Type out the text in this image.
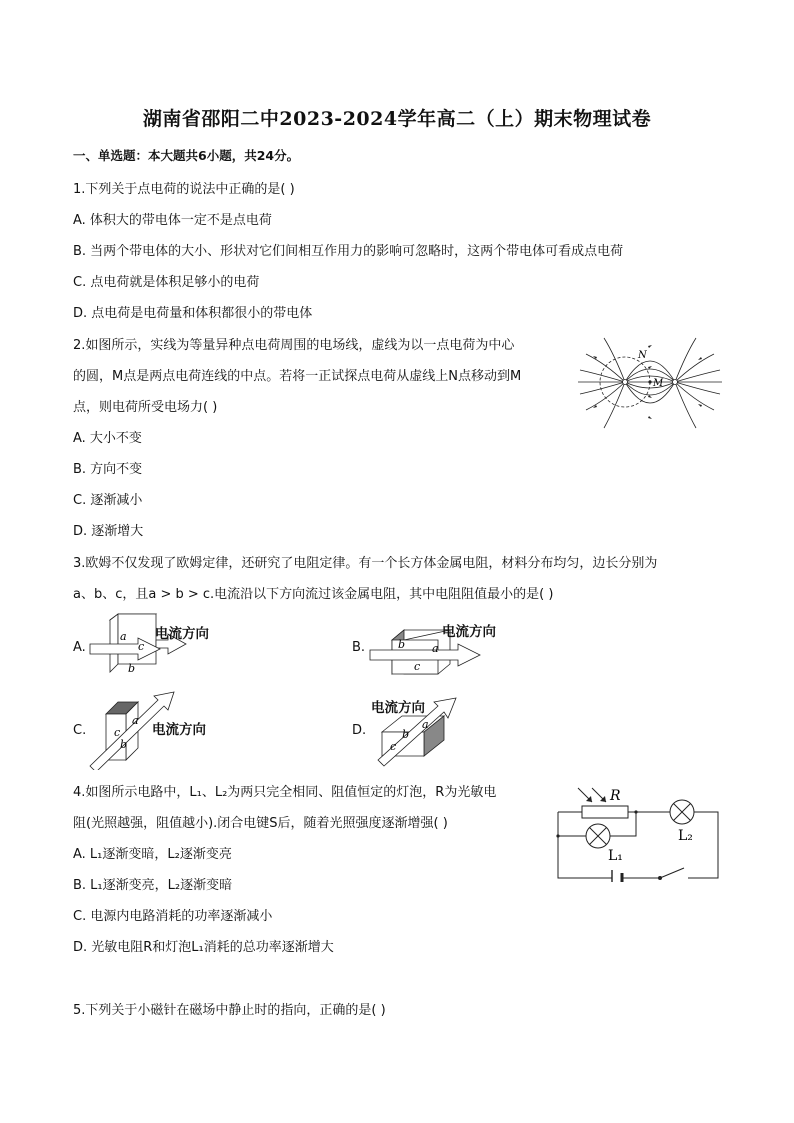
湖南省邵阳二中2023-2024学年高二（上）期末物理试卷
一、单选题：本大题共6小题，共24分。
1.下列关于点电荷的说法中正确的是( )
A. 体积大的带电体一定不是点电荷
B. 当两个带电体的大小、形状对它们间相互作用力的影响可忽略时，这两个带电体可看成点电荷
C. 点电荷就是体积足够小的电荷
D. 点电荷是电荷量和体积都很小的带电体
2.如图所示，实线为等量异种点电荷周围的电场线，虚线为以一点电荷为中心
的圆，M点是两点电荷连线的中点。若将一正试探点电荷从虚线上N点移动到M
点，则电荷所受电场力( )
A. 大小不变
B. 方向不变
C. 逐渐减小
D. 逐渐增大
N
M
3.欧姆不仅发现了欧姆定律，还研究了电阻定律。有一个长方体金属电阻，材料分布均匀，边长分别为
a、b、c，且a > b > c.电流沿以下方向流过该金属电阻，其中电阻阻值最小的是( )
A.
a
c
b
电流方向
B.	b a
c
电流方向
C.
a
c
b
电流方向	D.	a
b
c
电流方向
4.如图所示电路中，L₁、L₂为两只完全相同、阻值恒定的灯泡，R为光敏电
阻(光照越强，阻值越小).闭合电键S后，随着光照强度逐渐增强( )
A. L₁逐渐变暗，L₂逐渐变亮
B. L₁逐渐变亮，L₂逐渐变暗
C. 电源内电路消耗的功率逐渐减小
D. 光敏电阻R和灯泡L₁消耗的总功率逐渐增大
R
L₂
L₁
5.下列关于小磁针在磁场中静止时的指向，正确的是( )
